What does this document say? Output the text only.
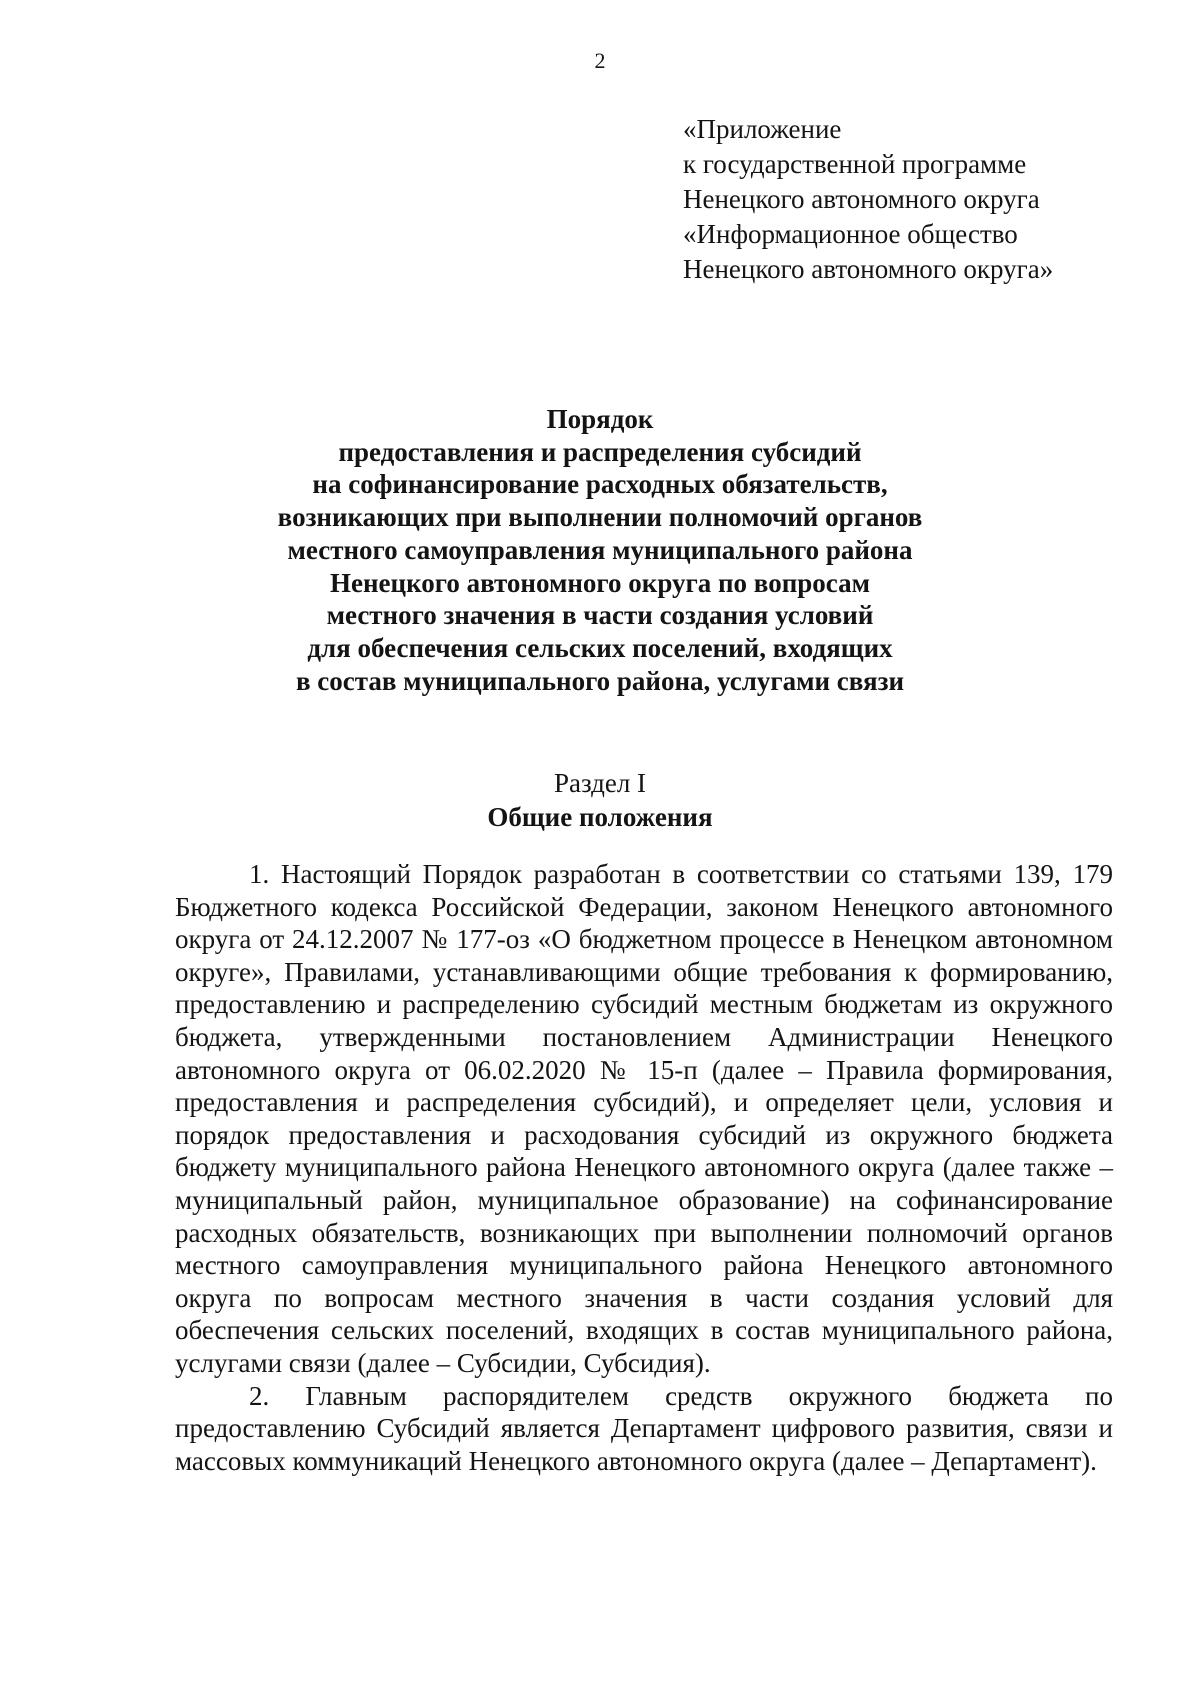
2
«Приложение
к государственной программе
Ненецкого автономного округа
«Информационное общество
Ненецкого автономного округа»
Порядок
предоставления и распределения субсидий
на софинансирование расходных обязательств,
возникающих при выполнении полномочий органов
местного самоуправления муниципального района
Ненецкого автономного округа по вопросам
местного значения в части создания условий
для обеспечения сельских поселений, входящих
в состав муниципального района, услугами связи
Раздел I
Общие положения

1. Настоящий Порядок разработан в соответствии со статьями 139, 179 Бюджетного кодекса Российской Федерации, законом Ненецкого автономного округа от 24.12.2007 № 177-оз «О бюджетном процессе в Ненецком автономном округе», Правилами, устанавливающими общие требования к формированию, предоставлению и распределению субсидий местным бюджетам из окружного бюджета, утвержденными постановлением Администрации Ненецкого автономного округа от 06.02.2020 № 15-п (далее – Правила формирования, предоставления и распределения субсидий), и определяет цели, условия и порядок предоставления и расходования субсидий из окружного бюджета бюджету муниципального района Ненецкого автономного округа (далее также – муниципальный район, муниципальное образование) на софинансирование расходных обязательств, возникающих при выполнении полномочий органов местного самоуправления муниципального района Ненецкого автономного округа по вопросам местного значения в части создания условий для обеспечения сельских поселений, входящих в состав муниципального района, услугами связи (далее – Субсидии, Субсидия).

2. Главным распорядителем средств окружного бюджета по предоставлению Субсидий является Департамент цифрового развития, связи и массовых коммуникаций Ненецкого автономного округа (далее – Департамент).
